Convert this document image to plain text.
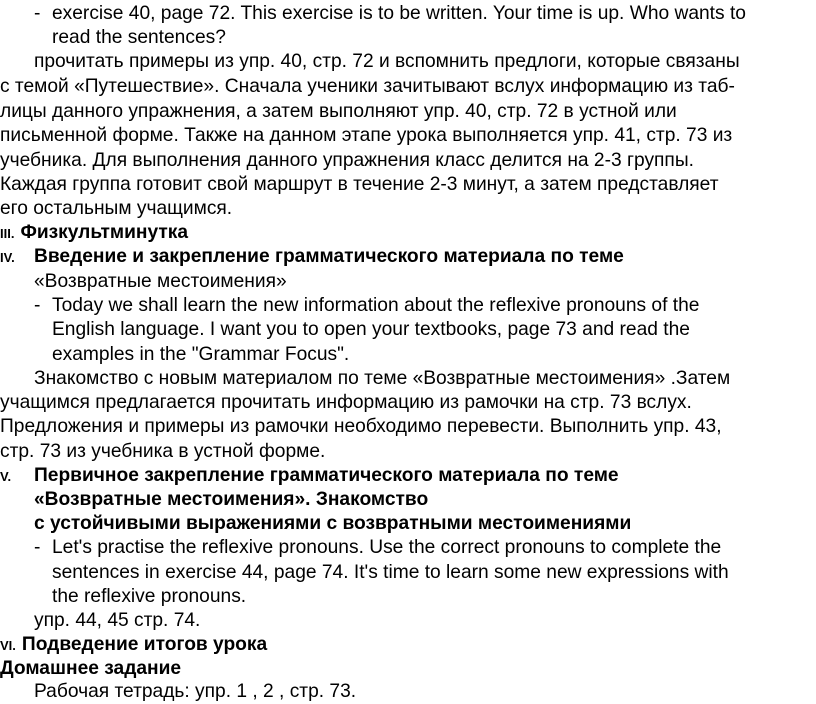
- exercise 40, page 72. This exercise is to be written. Your time is up. Who wants to
read the sentences?
прочитать примеры из упр. 40, стр. 72 и вспомнить предлоги, которые связаны
с темой «Путешествие». Сначала ученики зачитывают вслух информацию из таб-
лицы данного упражнения, а затем выполняют упр. 40, стр. 72 в устной или
письменной форме. Также на данном этапе урока выполняется упр. 41, стр. 73 из
учебника. Для выполнения данного упражнения класс делится на 2-3 группы.
Каждая группа готовит свой маршрут в течение 2-3 минут, а затем представляет
его остальным учащимся.
III. Физкультминутка
IV.	Введение и закрепление грамматического материала по теме
«Возвратные местоимения»
- Today we shall learn the new information about the reflexive pronouns of the
English language. I want you to open your textbooks, page 73 and read the
examples in the "Grammar Focus".
Знакомство с новым материалом по теме «Возвратные местоимения» .Затем
учащимся предлагается прочитать информацию из рамочки на стр. 73 вслух.
Предложения и примеры из рамочки необходимо перевести. Выполнить упр. 43,
стр. 73 из учебника в устной форме.
V.	Первичное закрепление грамматического материала по теме
«Возвратные местоимения». Знакомство
с устойчивыми выражениями с возвратными местоимениями
- Let's practise the reflexive pronouns. Use the correct pronouns to complete the
sentences in exercise 44, page 74. It's time to learn some new expressions with
the reflexive pronouns.
упр. 44, 45 стр. 74.
VI. Подведение итогов урока
Домашнее задание
Рабочая тетрадь: упр. 1 , 2 , стр. 73.
